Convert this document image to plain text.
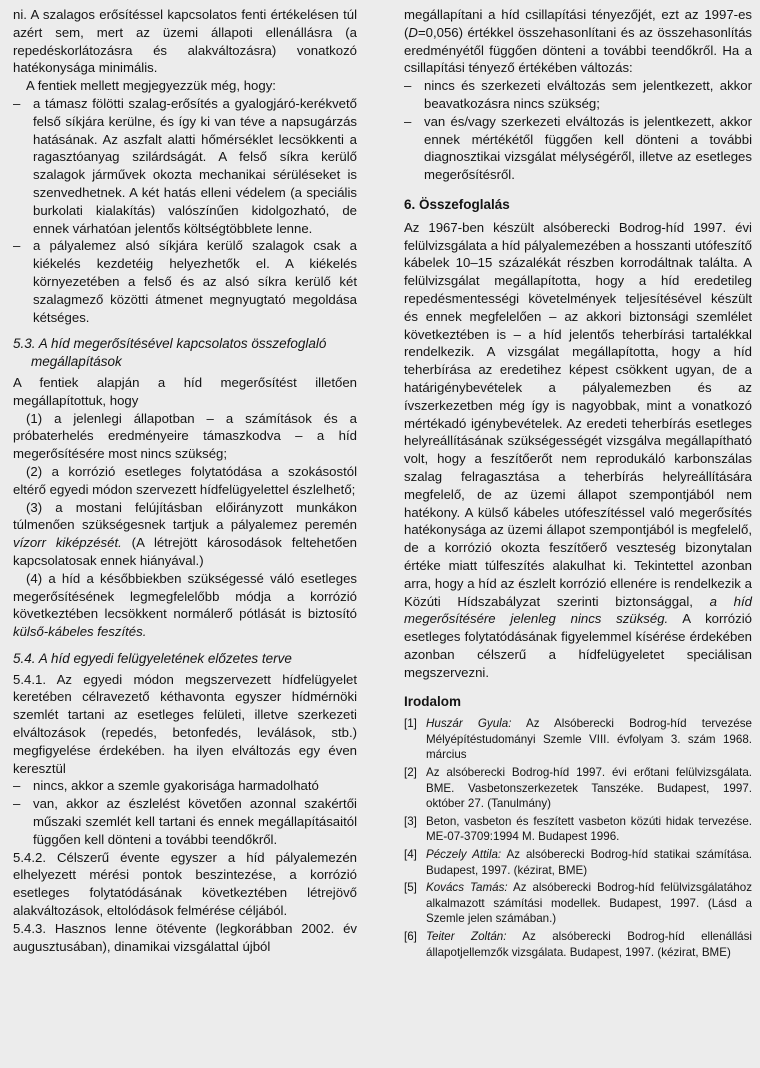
ni. A szalagos erősítéssel kapcsolatos fenti értékelésen túl azért sem, mert az üzemi állapoti ellenállásra (a repedéskorlátozásra és alakváltozásra) vonatkozó hatékonysága minimális.

A fentiek mellett megjegyezzük még, hogy:

– a támasz fölötti szalag-erősítés a gyalogjáró-kerékvető felső síkjára kerülne, és így ki van téve a napsugárzás hatásának. Az aszfalt alatti hőmérséklet lecsökkenti a ragasztóanyag szilárdságát. A felső síkra kerülő szalagok járművek okozta mechanikai sérüléseket is szenvedhetnek. A két hatás elleni védelem (a speciális burkolati kialakítás) valószínűen kidolgozható, de ennek várhatóan jelentős költségtöbblete lenne.
– a pályalemez alsó síkjára kerülő szalagok csak a kiékelés kezdetéig helyezhetők el. A kiékelés környezetében a felső és az alsó síkra kerülő két szalagmező közötti átmenet megnyugtató megoldása kétséges.
5.3. A híd megerősítésével kapcsolatos összefoglaló megállapítások

A fentiek alapján a híd megerősítést illetően megállapítottuk, hogy

(1) a jelenlegi állapotban – a számítások és a próbaterhelés eredményeire támaszkodva – a híd megerősítésére most nincs szükség;

(2) a korrózió esetleges folytatódása a szokásostól eltérő egyedi módon szervezett hídfelügyelettel észlelhető;

(3) a mostani felújításban előirányzott munkákon túlmenően szükségesnek tartjuk a pályalemez peremén vízorr kiképzését. (A létrejött károsodások feltehetően kapcsolatosak ennek hiányával.)

(4) a híd a későbbiekben szükségessé váló esetleges megerősítésének legmegfelelőbb módja a korrózió következtében lecsökkent normálerő pótlását is biztosító külső-kábeles feszítés.

5.4. A híd egyedi felügyeletének előzetes terve

5.4.1. Az egyedi módon megszervezett hídfelügyelet keretében célravezető kéthavonta egyszer hídmérnöki szemlét tartani az esetleges felületi, illetve szerkezeti elváltozások (repedés, betonfedés, leválások, stb.) megfigyelése érdekében. ha ilyen elváltozás egy éven keresztül

– nincs, akkor a szemle gyakorisága harmadolható
– van, akkor az észlelést követően azonnal szakértői műszaki szemlét kell tartani és ennek megállapításaitól függően kell dönteni a további teendőkről.

5.4.2. Célszerű évente egyszer a híd pályalemezén elhelyezett mérési pontok beszintezése, a korrózió esetleges folytatódásának következtében létrejövő alakváltozások, eltolódások felmérése céljából.

5.4.3. Hasznos lenne ötévente (legkorábban 2002. év augusztusában), dinamikai vizsgálattal újból

megállapítani a híd csillapítási tényezőjét, ezt az 1997-es (D=0,056) értékkel összehasonlítani és az összehasonlítás eredményétől függően dönteni a további teendőkről. Ha a csillapítási tényező értékében változás:

– nincs és szerkezeti elváltozás sem jelentkezett, akkor beavatkozásra nincs szükség;
– van és/vagy szerkezeti elváltozás is jelentkezett, akkor ennek mértékétől függően kell dönteni a további diagnosztikai vizsgálat mélységéről, illetve az esetleges megerősítésről.
6. Összefoglalás

Az 1967-ben készült alsóberecki Bodrog-híd 1997. évi felülvizsgálata a híd pályalemezében a hosszanti utófeszítő kábelek 10–15 százalékát részben korrodáltnak találta. A felülvizsgálat megállapította, hogy a híd eredetileg repedésmentességi követelmények teljesítésével készült és ennek megfelelően – az akkori biztonsági szemlélet következtében is – a híd jelentős teherbírási tartalékkal rendelkezik. A vizsgálat megállapította, hogy a híd teherbírása az eredetihez képest csökkent ugyan, de a határigénybevételek a pályalemezben és az ívszerkezetben még így is nagyobbak, mint a vonatkozó mértékadó igénybevételek. Az eredeti teherbírás esetleges helyreállításának szükségességét vizsgálva megállapítható volt, hogy a feszítőerőt nem reprodukáló karbonszálas szalag felragasztása a teherbírás helyreállítására megfelelő, de az üzemi állapot szempontjából nem hatékony. A külső kábeles utófeszítéssel való megerősítés hatékonysága az üzemi állapot szempontjából is megfelelő, de a korrózió okozta feszítőerő veszteség bizonytalan értéke miatt túlfeszítés alakulhat ki. Tekintettel azonban arra, hogy a híd az észlelt korrózió ellenére is rendelkezik a Közúti Hídszabályzat szerinti biztonsággal, a híd megerősítésére jelenleg nincs szükség. A korrózió esetleges folytatódásának figyelemmel kísérése érdekében azonban célszerű a hídfelügyeletet speciálisan megszervezni.

Irodalom
[1] Huszár Gyula: Az Alsóberecki Bodrog-híd tervezése Mélyépítéstudományi Szemle VIII. évfolyam 3. szám 1968. március
[2] Az alsóberecki Bodrog-híd 1997. évi erőtani felülvizsgálata. BME. Vasbetonszerkezetek Tanszéke. Budapest, 1997. október 27. (Tanulmány)
[3] Beton, vasbeton és feszített vasbeton közúti hidak tervezése. ME-07-3709:1994 M. Budapest 1996.
[4] Péczely Attila: Az alsóberecki Bodrog-híd statikai számítása. Budapest, 1997. (kézirat, BME)
[5] Kovács Tamás: Az alsóberecki Bodrog-híd felülvizsgálatához alkalmazott számítási modellek. Budapest, 1997. (Lásd a Szemle jelen számában.)
[6] Teiter Zoltán: Az alsóberecki Bodrog-híd ellenállási állapotjellemzők vizsgálata. Budapest, 1997. (kézirat, BME)
